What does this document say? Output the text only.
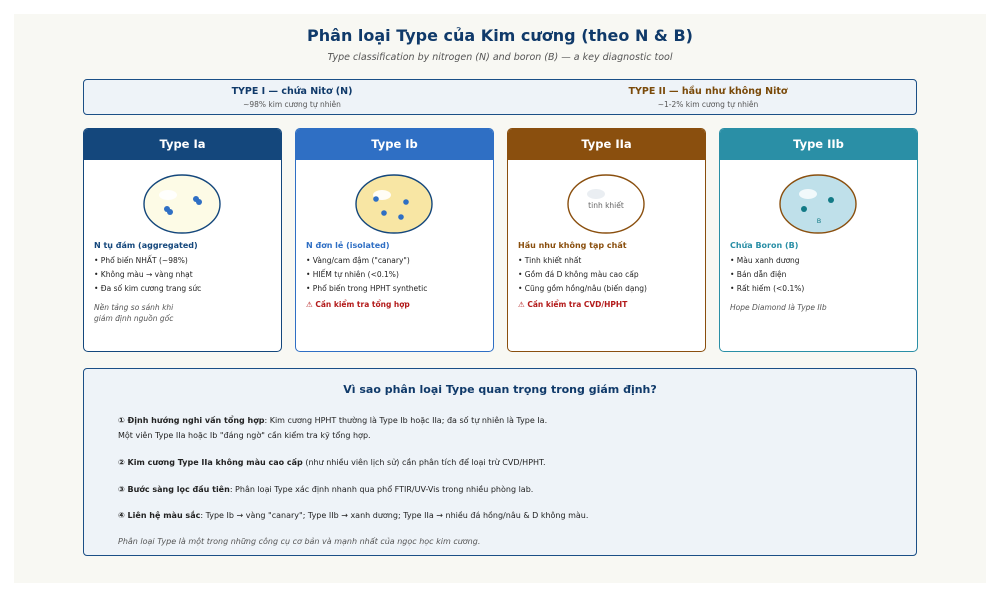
Phân loại Type của Kim cương (theo N & B)
Type classification by nitrogen (N) and boron (B) — a key diagnostic tool
TYPE I — chứa Nitơ (N)
~98% kim cương tự nhiên
TYPE II — hầu như không Nitơ
~1-2% kim cương tự nhiên
Type Ia
N tụ đám (aggregated)
• Phổ biến NHẤT (~98%)
• Không màu → vàng nhạt
• Đa số kim cương trang sức
Nền tảng so sánh khi
giám định nguồn gốc
Type Ib
N đơn lẻ (isolated)
• Vàng/cam đậm ("canary")
• HIẾM tự nhiên (<0.1%)
• Phổ biến trong HPHT synthetic
⚠ Cần kiểm tra tổng hợp
Type IIa
tinh khiết
Hầu như không tạp chất
• Tinh khiết nhất
• Gồm đá D không màu cao cấp
• Cũng gồm hồng/nâu (biến dạng)
⚠ Cần kiểm tra CVD/HPHT
Type IIb
B
Chứa Boron (B)
• Màu xanh dương
• Bán dẫn điện
• Rất hiếm (<0.1%)
Hope Diamond là Type IIb
Vì sao phân loại Type quan trọng trong giám định?
① Định hướng nghi vấn tổng hợp: Kim cương HPHT thường là Type Ib hoặc IIa; đa số tự nhiên là Type Ia.
Một viên Type IIa hoặc Ib "đáng ngờ" cần kiểm tra kỹ tổng hợp.
② Kim cương Type IIa không màu cao cấp (như nhiều viên lịch sử) cần phân tích để loại trừ CVD/HPHT.
③ Bước sàng lọc đầu tiên: Phân loại Type xác định nhanh qua phổ FTIR/UV-Vis trong nhiều phòng lab.
④ Liên hệ màu sắc: Type Ib → vàng "canary"; Type IIb → xanh dương; Type IIa → nhiều đá hồng/nâu & D không màu.
Phân loại Type là một trong những công cụ cơ bản và mạnh nhất của ngọc học kim cương.
